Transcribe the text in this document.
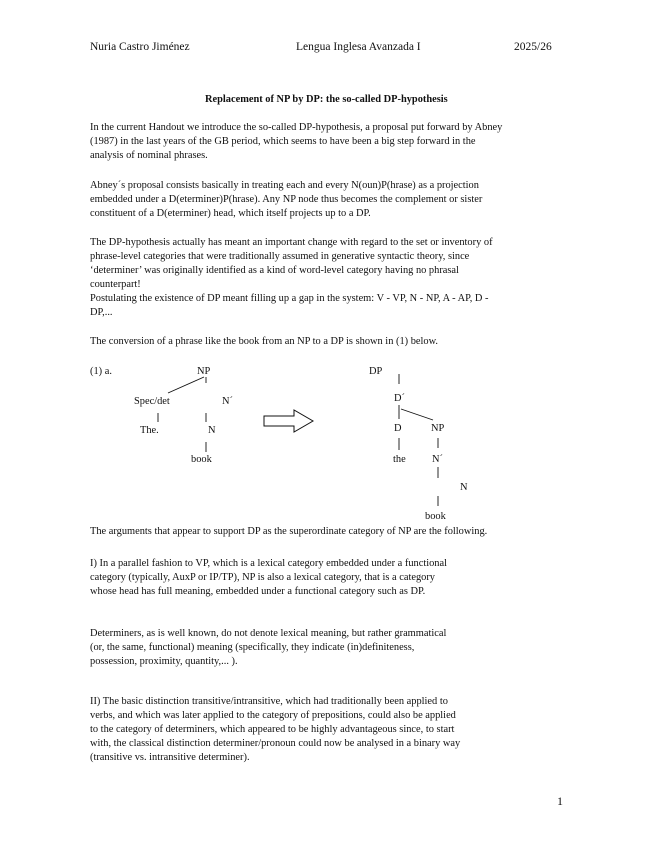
Nuria Castro Jiménez	Lengua Inglesa Avanzada I	2025/26
Replacement of NP by DP: the so-called DP-hypothesis
In the current Handout we introduce the so-called DP-hypothesis, a proposal put forward by Abney
(1987) in the last years of the GB period, which seems to have been a big step forward in the
analysis of nominal phrases.
Abney´s proposal consists basically in treating each and every N(oun)P(hrase) as a projection
embedded under a D(eterminer)P(hrase). Any NP node thus becomes the complement or sister
constituent of a D(eterminer) head, which itself projects up to a DP.
The DP-hypothesis actually has meant an important change with regard to the set or inventory of
phrase-level categories that were traditionally assumed in generative syntactic theory, since
‘determiner’ was originally identified as a kind of word-level category having no phrasal
counterpart!
Postulating the existence of DP meant filling up a gap in the system: V - VP, N - NP, A - AP, D -
DP,...
The conversion of a phrase like the book from an NP to a DP is shown in (1) below.
(1) a.	NP
Spec/det	N´
The.	N
book
DP
D´
D	NP
the	N´
N
book
The arguments that appear to support DP as the superordinate category of NP are the following.
I) In a parallel fashion to VP, which is a lexical category embedded under a functional
category (typically, AuxP or IP/TP), NP is also a lexical category, that is a category
whose head has full meaning, embedded under a functional category such as DP.
Determiners, as is well known, do not denote lexical meaning, but rather grammatical
(or, the same, functional) meaning (specifically, they indicate (in)definiteness,
possession, proximity, quantity,... ).
II) The basic distinction transitive/intransitive, which had traditionally been applied to
verbs, and which was later applied to the category of prepositions, could also be applied
to the category of determiners, which appeared to be highly advantageous since, to start
with, the classical distinction determiner/pronoun could now be analysed in a binary way
(transitive vs. intransitive determiner).
1
